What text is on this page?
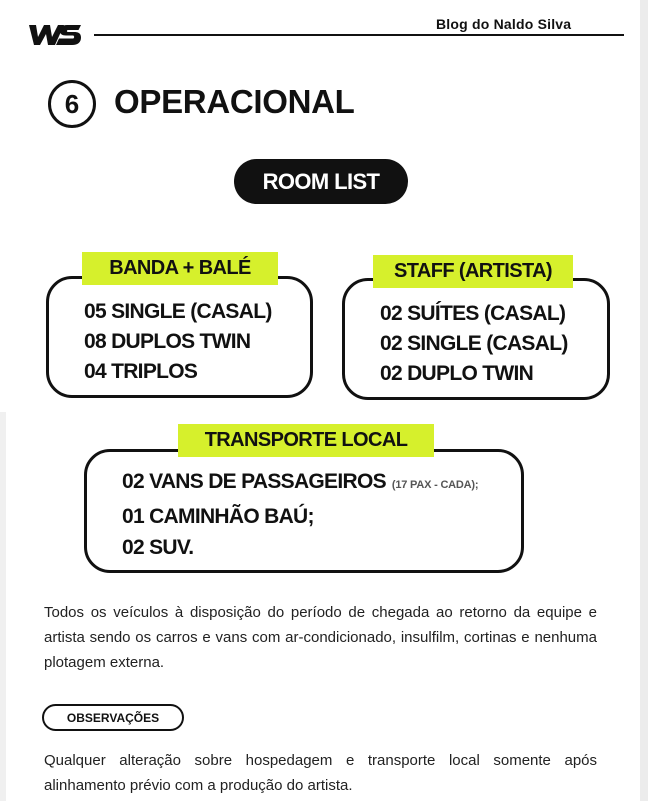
Blog do Naldo Silva
6	OPERACIONAL
ROOM LIST
BANDA + BALÉ
05 SINGLE (CASAL)
08 DUPLOS TWIN
04 TRIPLOS
STAFF (ARTISTA)
02 SUÍTES (CASAL)
02 SINGLE (CASAL)
02 DUPLO TWIN
TRANSPORTE LOCAL
02 VANS DE PASSAGEIROS (17 PAX - CADA);
01 CAMINHÃO BAÚ;
02 SUV.

Todos os veículos à disposição do período de chegada ao retorno da equipe e artista sendo os carros e vans com ar-condicionado, insulfilm, cortinas e nenhuma plotagem externa.

OBSERVAÇÕES

Qualquer alteração sobre hospedagem e transporte local somente após alinhamento prévio com a produção do artista.
